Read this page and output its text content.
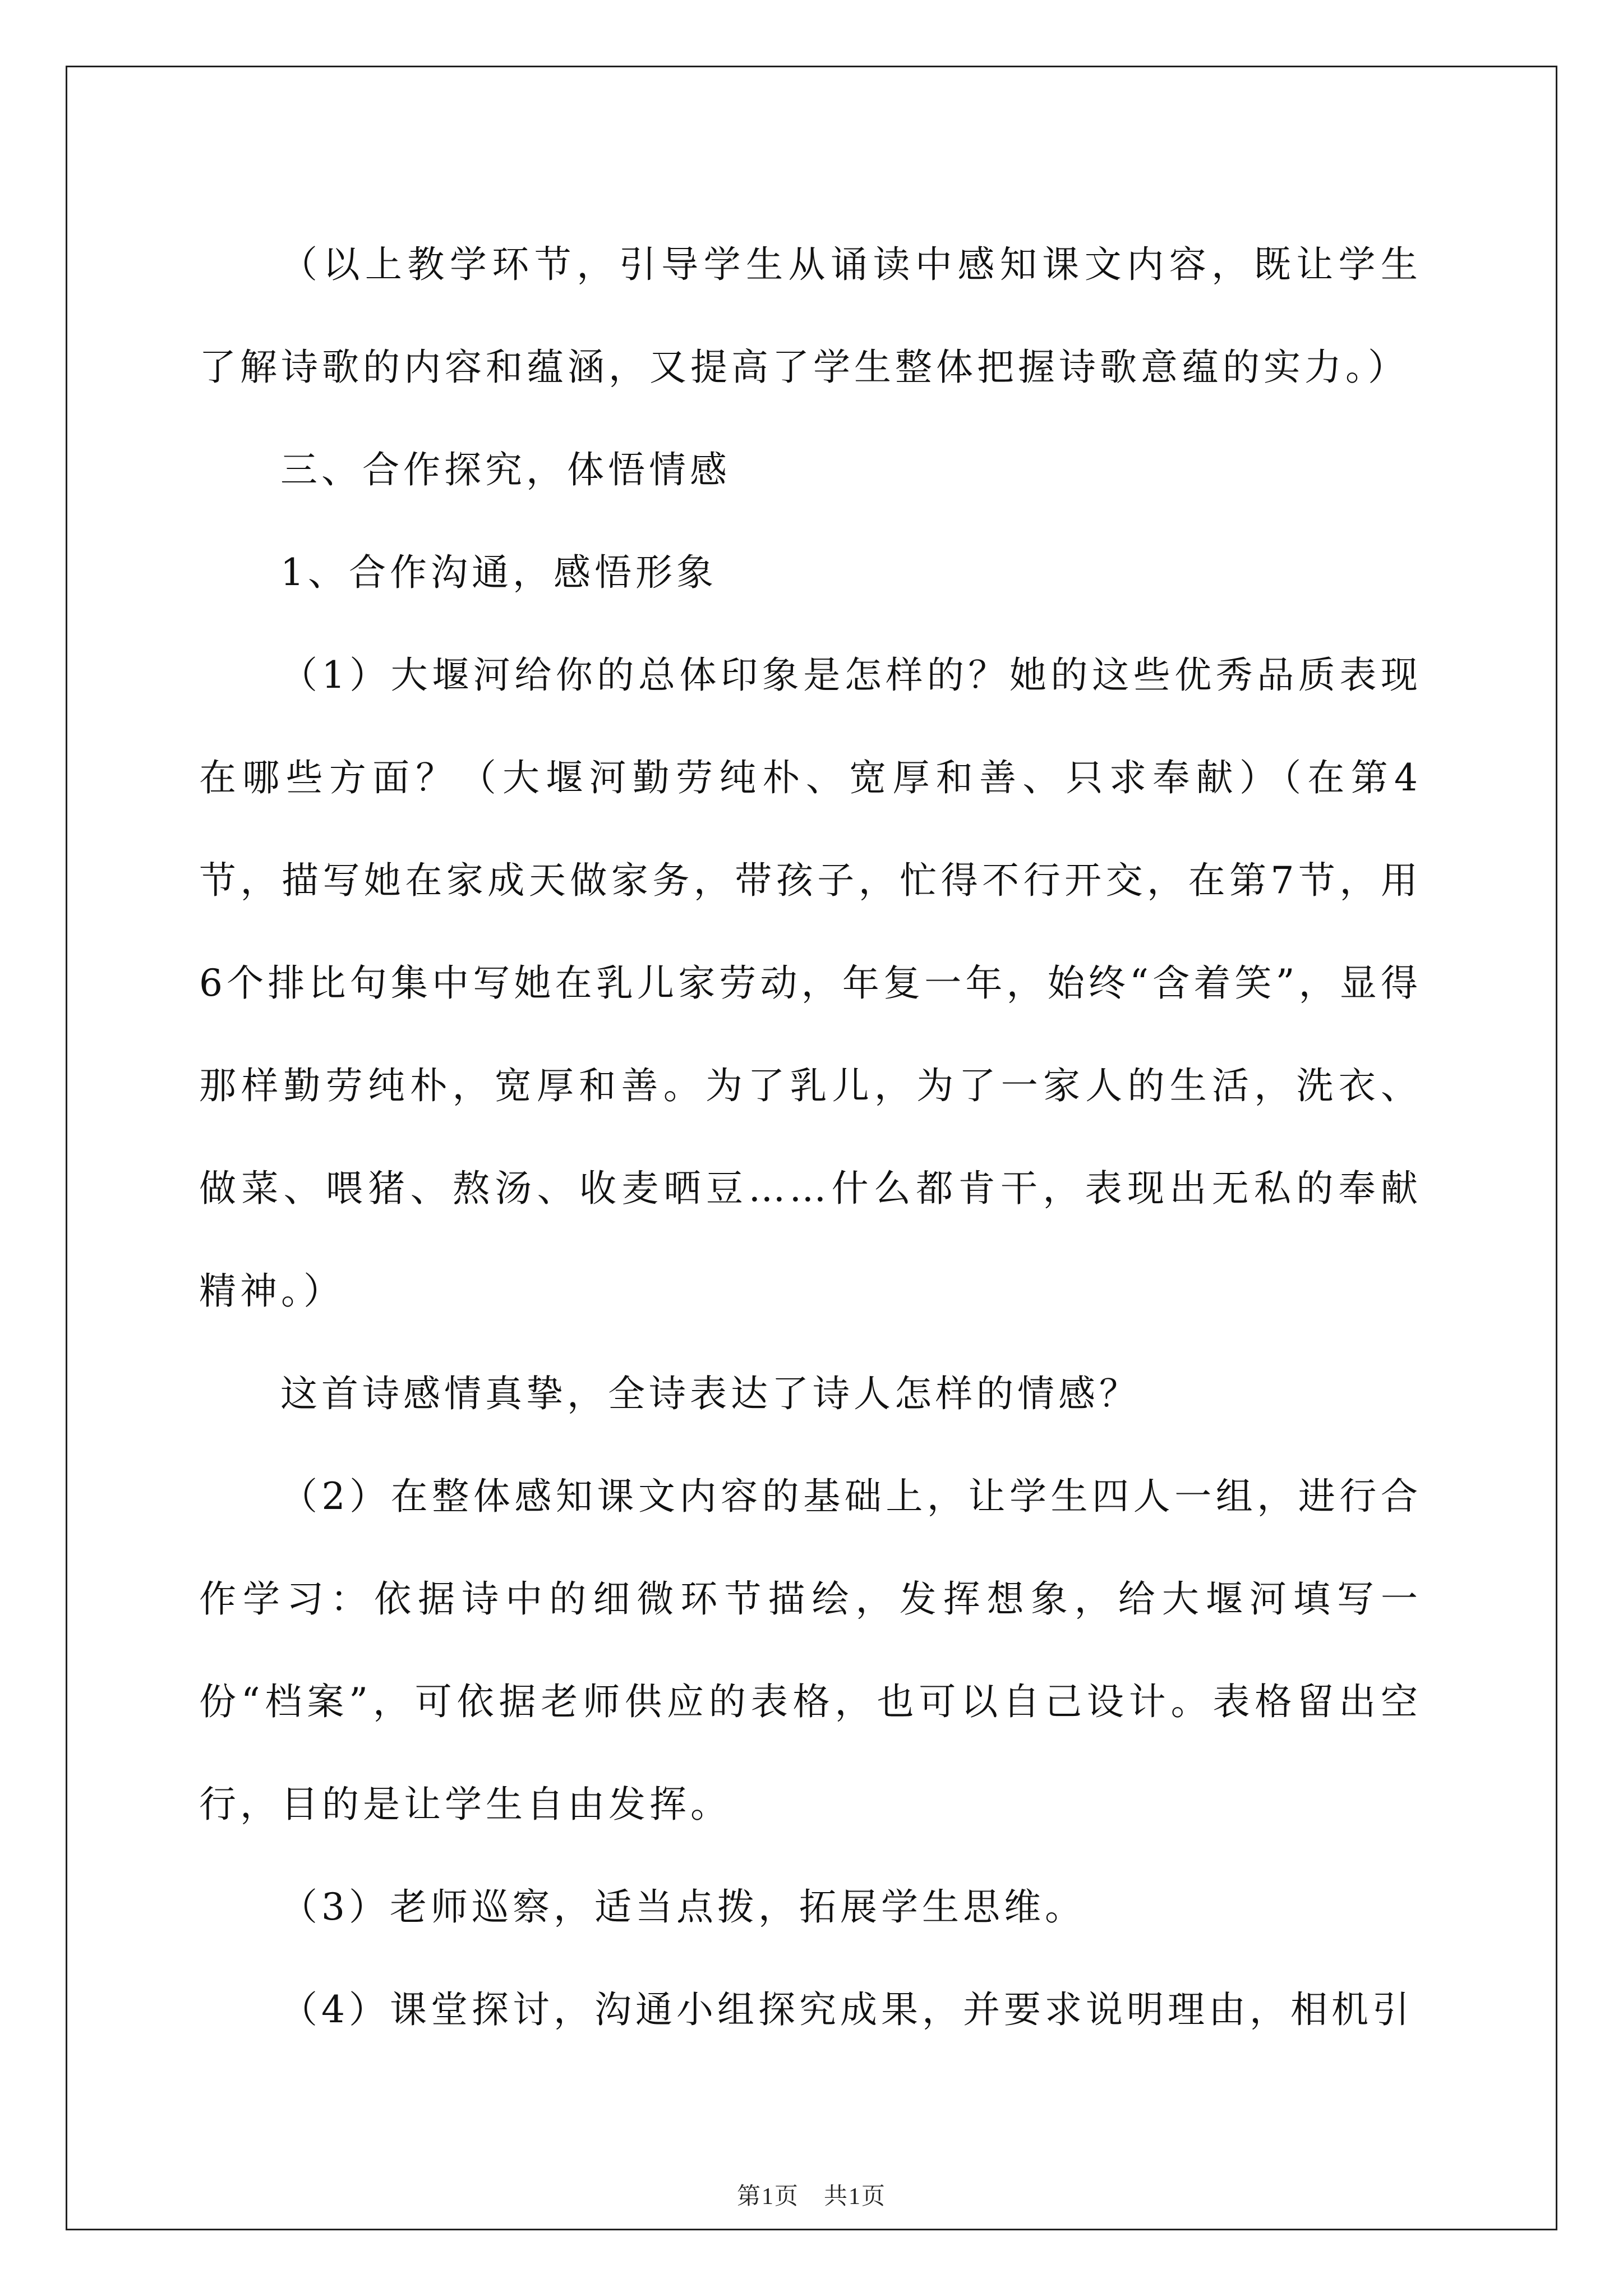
（以上教学环节，引导学生从诵读中感知课文内容，既让学生了解诗歌的内容和蕴涵，又提高了学生整体把握诗歌意蕴的实力。）

三、合作探究，体悟情感

1、合作沟通，感悟形象

（1）大堰河给你的总体印象是怎样的？她的这些优秀品质表现在哪些方面？（大堰河勤劳纯朴、宽厚和善、只求奉献）（在第4节，描写她在家成天做家务，带孩子，忙得不行开交，在第7节，用6个排比句集中写她在乳儿家劳动，年复一年，始终“含着笑”，显得那样勤劳纯朴，宽厚和善。为了乳儿，为了一家人的生活，洗衣、做菜、喂猪、熬汤、收麦晒豆……什么都肯干，表现出无私的奉献精神。）

这首诗感情真挚，全诗表达了诗人怎样的情感？

（2）在整体感知课文内容的基础上，让学生四人一组，进行合作学习：依据诗中的细微环节描绘，发挥想象，给大堰河填写一份“档案”，可依据老师供应的表格，也可以自己设计。表格留出空行，目的是让学生自由发挥。

（3）老师巡察，适当点拨，拓展学生思维。

（4）课堂探讨，沟通小组探究成果，并要求说明理由，相机引

第1页　共1页
